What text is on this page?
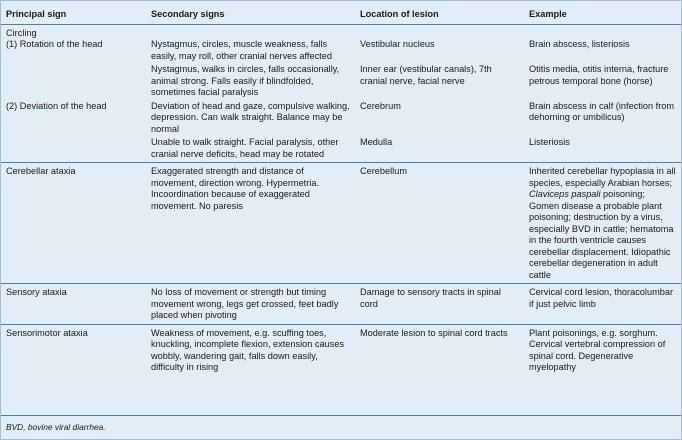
Principal sign	Secondary signs	Location of lesion	Example

Circling
(1) Rotation of the head	Nystagmus, circles, muscle weakness, falls easily, may roll, other cranial nerves affected	Vestibular nucleus	Brain abscess, listeriosis

	Nystagmus, walks in circles, falls occasionally, animal strong. Falls easily if blindfolded, sometimes facial paralysis	Inner ear (vestibular canals), 7th cranial nerve, facial nerve	Otitis media, otitis interna, fracture petrous temporal bone (horse)
(2) Deviation of the head	Deviation of head and gaze, compulsive walking, depression. Can walk straight. Balance may be normal	Cerebrum	Brain abscess in calf (infection from dehorning or umbilicus)
	Unable to walk straight. Facial paralysis, other cranial nerve deficits, head may be rotated	Medulla	Listeriosis
Cerebellar ataxia	Exaggerated strength and distance of movement, direction wrong. Hypermetria. Incoordination because of exaggerated movement. No paresis	Cerebellum	Inherited cerebellar hypoplasia in all species, especially Arabian horses; Claviceps paspali poisoning; Gomen disease a probable plant poisoning; destruction by a virus, especially BVD in cattle; hematoma in the fourth ventricle causes cerebellar displacement. Idiopathic cerebellar degeneration in adult cattle
Sensory ataxia	No loss of movement or strength but timing movement wrong, legs get crossed, feet badly placed when pivoting	Damage to sensory tracts in spinal cord	Cervical cord lesion, thoracolumbar if just pelvic limb
Sensorimotor ataxia	Weakness of movement, e.g. scuffing toes, knuckling, incomplete flexion, extension causes wobbly, wandering gait, falls down easily, difficulty in rising	Moderate lesion to spinal cord tracts	Plant poisonings, e.g. sorghum. Cervical vertebral compression of spinal cord. Degenerative myelopathy
BVD, bovine viral diarrhea.
